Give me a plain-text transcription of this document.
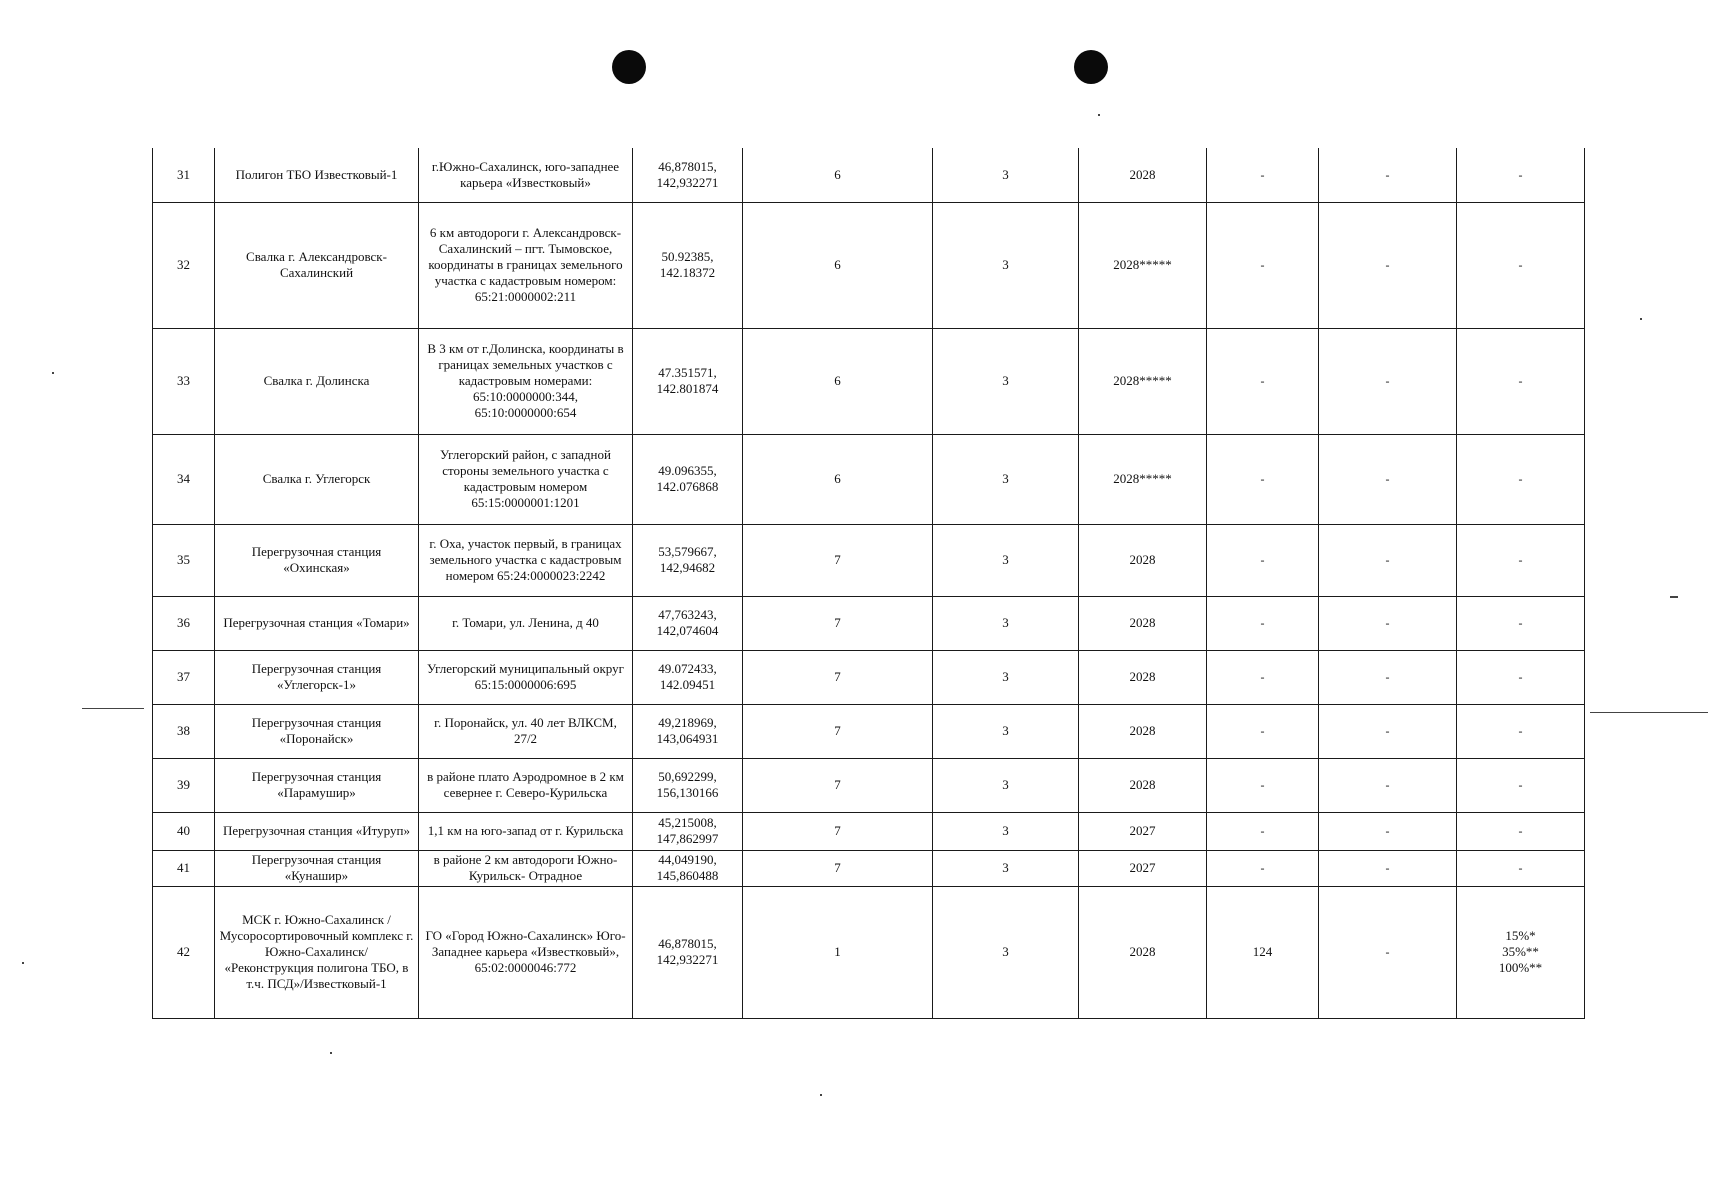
31	Полигон ТБО Известковый-1	г.Южно-Сахалинск, юго-западнее карьера «Известковый»	46,878015, 142,932271	6	3	2028	-	-	-
32	Свалка г. Александровск-Сахалинский	6 км автодороги г. Александровск-Сахалинский – пгт. Тымовское, координаты в границах земельного участка с кадастровым номером: 65:21:0000002:211	50.92385, 142.18372	6	3	2028*****	-	-	-
33	Свалка г. Долинска	В 3 км от г.Долинска, координаты в границах земельных участков с кадастровым номерами: 65:10:0000000:344, 65:10:0000000:654	47.351571, 142.801874	6	3	2028*****	-	-	-
34	Свалка г. Углегорск	Углегорский район, с западной стороны земельного участка с кадастровым номером 65:15:0000001:1201	49.096355, 142.076868	6	3	2028*****	-	-	-
35	Перегрузочная станция «Охинская»	г. Оха, участок первый, в границах земельного участка с кадастровым номером 65:24:0000023:2242	53,579667, 142,94682	7	3	2028	-	-	-
36	Перегрузочная станция «Томари»	г. Томари, ул. Ленина, д 40	47,763243, 142,074604	7	3	2028	-	-	-
37	Перегрузочная станция «Углегорск-1»	Углегорский муниципальный округ 65:15:0000006:695	49.072433, 142.09451	7	3	2028	-	-	-
38	Перегрузочная станция «Поронайск»	г. Поронайск, ул. 40 лет ВЛКСМ, 27/2	49,218969, 143,064931	7	3	2028	-	-	-
39	Перегрузочная станция «Парамушир»	в районе плато Аэродромное в 2 км севернее г. Северо-Курильска	50,692299, 156,130166	7	3	2028	-	-	-
40	Перегрузочная станция «Итуруп»	1,1 км на юго-запад от г. Курильска	45,215008, 147,862997	7	3	2027	-	-	-
41	Перегрузочная станция «Кунашир»	в районе 2 км автодороги Южно-Курильск- Отрадное	44,049190, 145,860488	7	3	2027	-	-	-
42	МСК г. Южно-Сахалинск / Мусоросортировочный комплекс г. Южно-Сахалинск/ «Реконструкция полигона ТБО, в т.ч. ПСД»/Известковый-1	ГО «Город Южно-Сахалинск» Юго-Западнее карьера «Известковый», 65:02:0000046:772	46,878015, 142,932271	1	3	2028	124	-	15%*
35%**
100%**
